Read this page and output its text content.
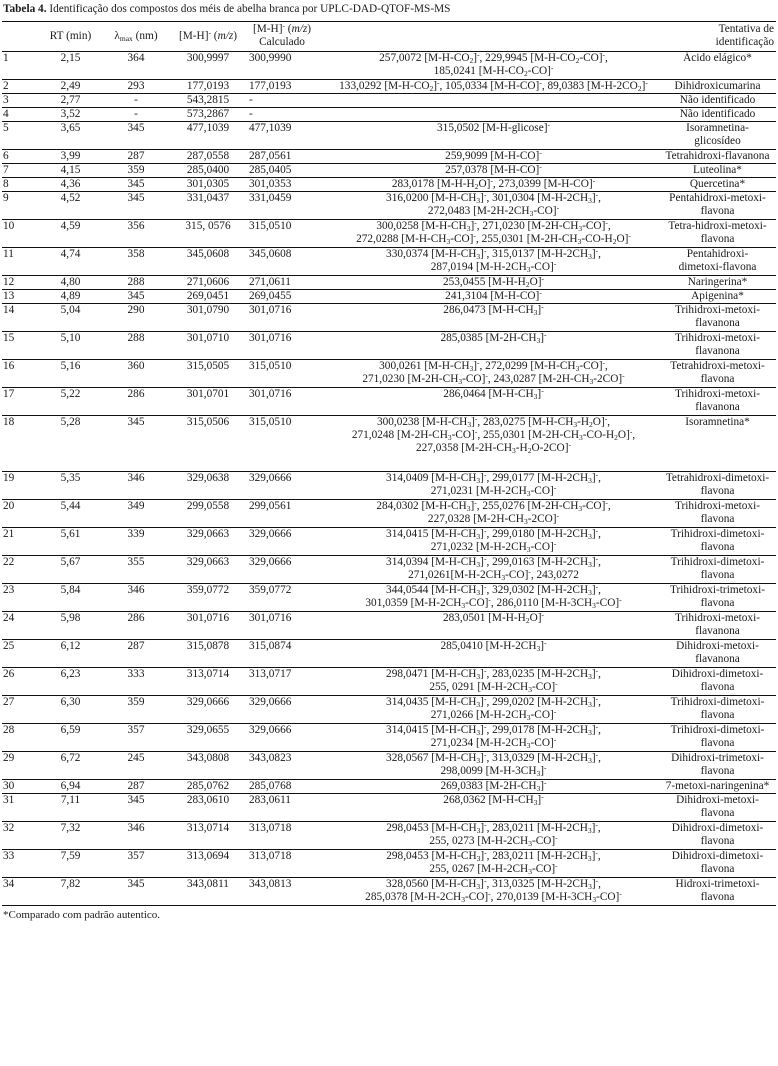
Tabela 4. Identificação dos compostos dos méis de abelha branca por UPLC-DAD-QTOF-MS-MS
	RT (min)	$\lambda_{max}$ (nm)	[M-H]- (m/z)	[M-H]- (m/z)
Calculado		Tentativa de
identificação
1	2,15	364	300,9997	300,9990	257,0072 $[M-H-CO_2]^-$, 229,9945 $[M-H-CO_2-CO]^-$,
185,0241 $[M-H-CO_2-CO]^-$	Ácido elágico*
2	2,49	293	177,0193	177,0193	133,0292 $[M-H-CO_2]^-$, 105,0334 [M-H-CO]-, 89,0383 $[M-H-2CO_2]^-$	Dihidroxicumarina
3	2,77	-	543,2815	-		Não identificado
4	3,52	-	573,2867	-		Não identificado
5	3,65	345	477,1039	477,1039	315,0502 [M-H-glicose]-	Isoramnetina-
glicosídeo
6	3,99	287	287,0558	287,0561	259,9099 [M-H-CO]-	Tetrahidroxi-flavanona
7	4,15	359	285,0400	285,0405	257,0378 [M-H-CO]-	Luteolina*
8	4,36	345	301,0305	301,0353	283,0178 $[M-H-H_2O]^-$, 273,0399 [M-H-CO]-	Quercetina*
9	4,52	345	331,0437	331,0459	316,0200 $[M-H-CH_3]^-$, 301,0304 $[M-H-2CH_3]^-$,
272,0483 $[M-2H-2CH_3-CO]^-$	Pentahidroxi-metoxi-
flavona
10	4,59	356	315, 0576	315,0510	300,0258 $[M-H-CH_3]^-$, 271,0230 $[M-2H-CH_3-CO]^-$,
272,0288 $[M-H-CH_3-CO]^-$, 255,0301 $[M-2H-CH_3-CO-H_2O]^-$	Tetra-hidroxi-metoxi-
flavona
11	4,74	358	345,0608	345,0608	330,0374 $[M-H-CH_3]^-$, 315,0137 $[M-H-2CH_3]^-$,
287,0194 $[M-H-2CH_3-CO]^-$	Pentahidroxi-
dimetoxi-flavona
12	4,80	288	271,0606	271,0611	253,0455 $[M-H-H_2O]^-$	Naringerina*
13	4,89	345	269,0451	269,0455	241,3104 [M-H-CO]-	Apigenina*
14	5,04	290	301,0790	301,0716	286,0473 $[M-H-CH_3]^-$	Trihidroxi-metoxi-
flavanona
15	5,10	288	301,0710	301,0716	285,0385 $[M-2H-CH_3]^-$	Trihidroxi-metoxi-
flavanona
16	5,16	360	315,0505	315,0510	300,0261 $[M-H-CH_3]^-$, 272,0299 $[M-H-CH_3-CO]^-$,
271,0230 $[M-2H-CH_3-CO]^-$, 243,0287 $[M-2H-CH_3-2CO]^-$	Tetrahidroxi-metoxi-
flavona
17	5,22	286	301,0701	301,0716	286,0464 $[M-H-CH_3]^-$	Trihidroxi-metoxi-
flavanona
18	5,28	345	315,0506	315,0510	300,0238 $[M-H-CH_3]^-$, 283,0275 $[M-H-CH_3-H_2O]^-$,
271,0248 $[M-2H-CH_3-CO]^-$, 255,0301 $[M-2H-CH_3-CO-H_2O]^-$,
227,0358 $[M-2H-CH_3-H_2O-2CO]^-$	Isoramnetina*
19	5,35	346	329,0638	329,0666	314,0409 $[M-H-CH_3]^-$, 299,0177 $[M-H-2CH_3]^-$,
271,0231 $[M-H-2CH_3-CO]^-$	Tetrahidroxi-dimetoxi-
flavona
20	5,44	349	299,0558	299,0561	284,0302 $[M-H-CH_3]^-$, 255,0276 $[M-2H-CH_3-CO]^-$,
227,0328 $[M-2H-CH_3-2CO]^-$	Trihidroxi-metoxi-
flavona
21	5,61	339	329,0663	329,0666	314,0415 $[M-H-CH_3]^-$, 299,0180 $[M-H-2CH_3]^-$,
271,0232 $[M-H-2CH_3-CO]^-$	Trihidroxi-dimetoxi-
flavona
22	5,67	355	329,0663	329,0666	314,0394 $[M-H-CH_3]^-$, 299,0163 $[M-H-2CH_3]^-$,
$271,0261[M-H-2CH_3-CO]^-$, 243,0272	Trihidroxi-dimetoxi-
flavona
23	5,84	346	359,0772	359,0772	344,0544 $[M-H-CH_3]^-$, 329,0302 $[M-H-2CH_3]^-$,
301,0359 $[M-H-2CH_3-CO]^-$, 286,0110 $[M-H-3CH_3-CO]^-$	Trihidroxi-trimetoxi-
flavona
24	5,98	286	301,0716	301,0716	283,0501 $[M-H-H_2O]^-$	Trihidroxi-metoxi-
flavanona
25	6,12	287	315,0878	315,0874	285,0410 $[M-H-2CH_3]^-$	Dihidroxi-metoxi-
flavanona
26	6,23	333	313,0714	313,0717	298,0471 $[M-H-CH_3]^-$, 283,0235 $[M-H-2CH_3]^-$,
255, 0291 $[M-H-2CH_3-CO]^-$	Dihidroxi-dimetoxi-
flavona
27	6,30	359	329,0666	329,0666	314,0435 $[M-H-CH_3]^-$, 299,0202 $[M-H-2CH_3]^-$,
271,0266 $[M-H-2CH_3-CO]^-$	Trihidroxi-dimetoxi-
flavona
28	6,59	357	329,0655	329,0666	314,0415 $[M-H-CH_3]^-$, 299,0178 $[M-H-2CH_3]^-$,
271,0234 $[M-H-2CH_3-CO]^-$	Trihidroxi-dimetoxi-
flavona
29	6,72	245	343,0808	343,0823	328,0567 $[M-H-CH_3]^-$, 313,0329 $[M-H-2CH_3]^-$,
298,0099 $[M-H-3CH_3]^-$	Dihidroxi-trimetoxi-
flavona
30	6,94	287	285,0762	285,0768	269,0383 $[M-2H-CH_3]^-$	7-metoxi-naringenina*
31	7,11	345	283,0610	283,0611	268,0362 $[M-H-CH_3]^-$	Dihidroxi-metoxi-
flavona
32	7,32	346	313,0714	313,0718	298,0453 $[M-H-CH_3]^-$, 283,0211 $[M-H-2CH_3]^-$,
255, 0273 $[M-H-2CH_3-CO]^-$	Dihidroxi-dimetoxi-
flavona
33	7,59	357	313,0694	313,0718	298,0453 $[M-H-CH_3]^-$, 283,0211 $[M-H-2CH_3]^-$,
255, 0267 $[M-H-2CH_3-CO]^-$	Dihidroxi-dimetoxi-
flavona
34	7,82	345	343,0811	343,0813	328,0560 $[M-H-CH_3]^-$, 313,0325 $[M-H-2CH_3]^-$,
285,0378 $[M-H-2CH_3-CO]^-$, 270,0139 $[M-H-3CH_3-CO]^-$	Hidroxi-trimetoxi-
flavona
*Comparado com padrão autentico.
